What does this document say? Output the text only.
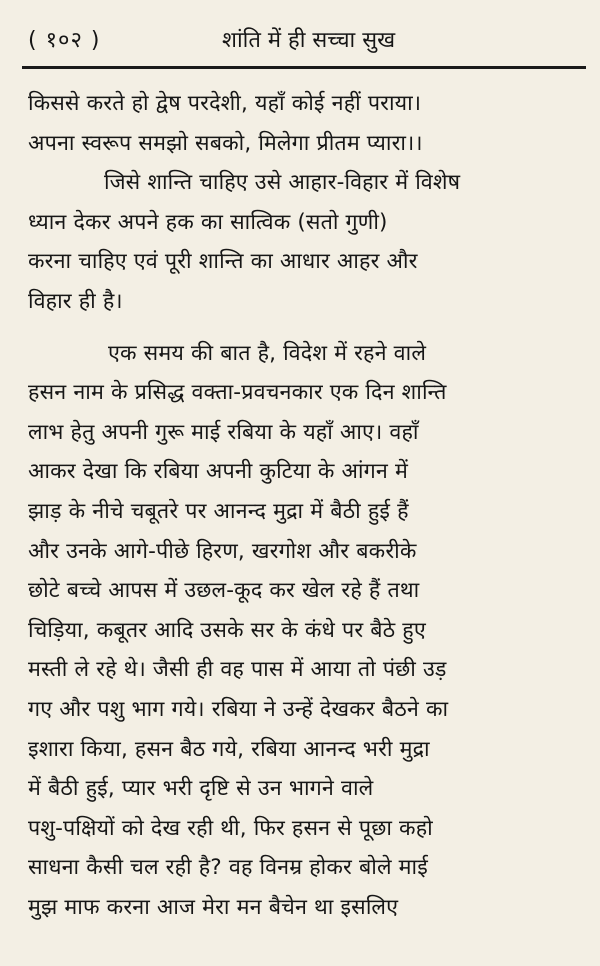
( १०२ )	शांति में ही सच्चा सुख
किससे करते हो द्वेष परदेशी, यहाँ कोई नहीं पराया।
अपना स्वरूप समझो सबको, मिलेगा प्रीतम प्यारा।।
जिसे शान्ति चाहिए उसे आहार-विहार में विशेष
ध्यान देकर अपने हक का सात्विक (सतो गुणी)
करना चाहिए एवं पूरी शान्ति का आधार आहर और
विहार ही है।
एक समय की बात है, विदेश में रहने वाले
हसन नाम के प्रसिद्ध वक्ता-प्रवचनकार एक दिन शान्ति
लाभ हेतु अपनी गुरू माई रबिया के यहाँ आए। वहाँ
आकर देखा कि रबिया अपनी कुटिया के आंगन में
झाड़ के नीचे चबूतरे पर आनन्द मुद्रा में बैठी हुई हैं
और उनके आगे-पीछे हिरण, खरगोश और बकरीके
छोटे बच्चे आपस में उछल-कूद कर खेल रहे हैं तथा
चिड़िया, कबूतर आदि उसके सर के कंधे पर बैठे हुए
मस्ती ले रहे थे। जैसी ही वह पास में आया तो पंछी उड़
गए और पशु भाग गये। रबिया ने उन्हें देखकर बैठने का
इशारा किया, हसन बैठ गये, रबिया आनन्द भरी मुद्रा
में बैठी हुई, प्यार भरी दृष्टि से उन भागने वाले
पशु-पक्षियों को देख रही थी, फिर हसन से पूछा कहो
साधना कैसी चल रही है? वह विनम्र होकर बोले माई
मुझ माफ करना आज मेरा मन बैचेन था इसलिए
